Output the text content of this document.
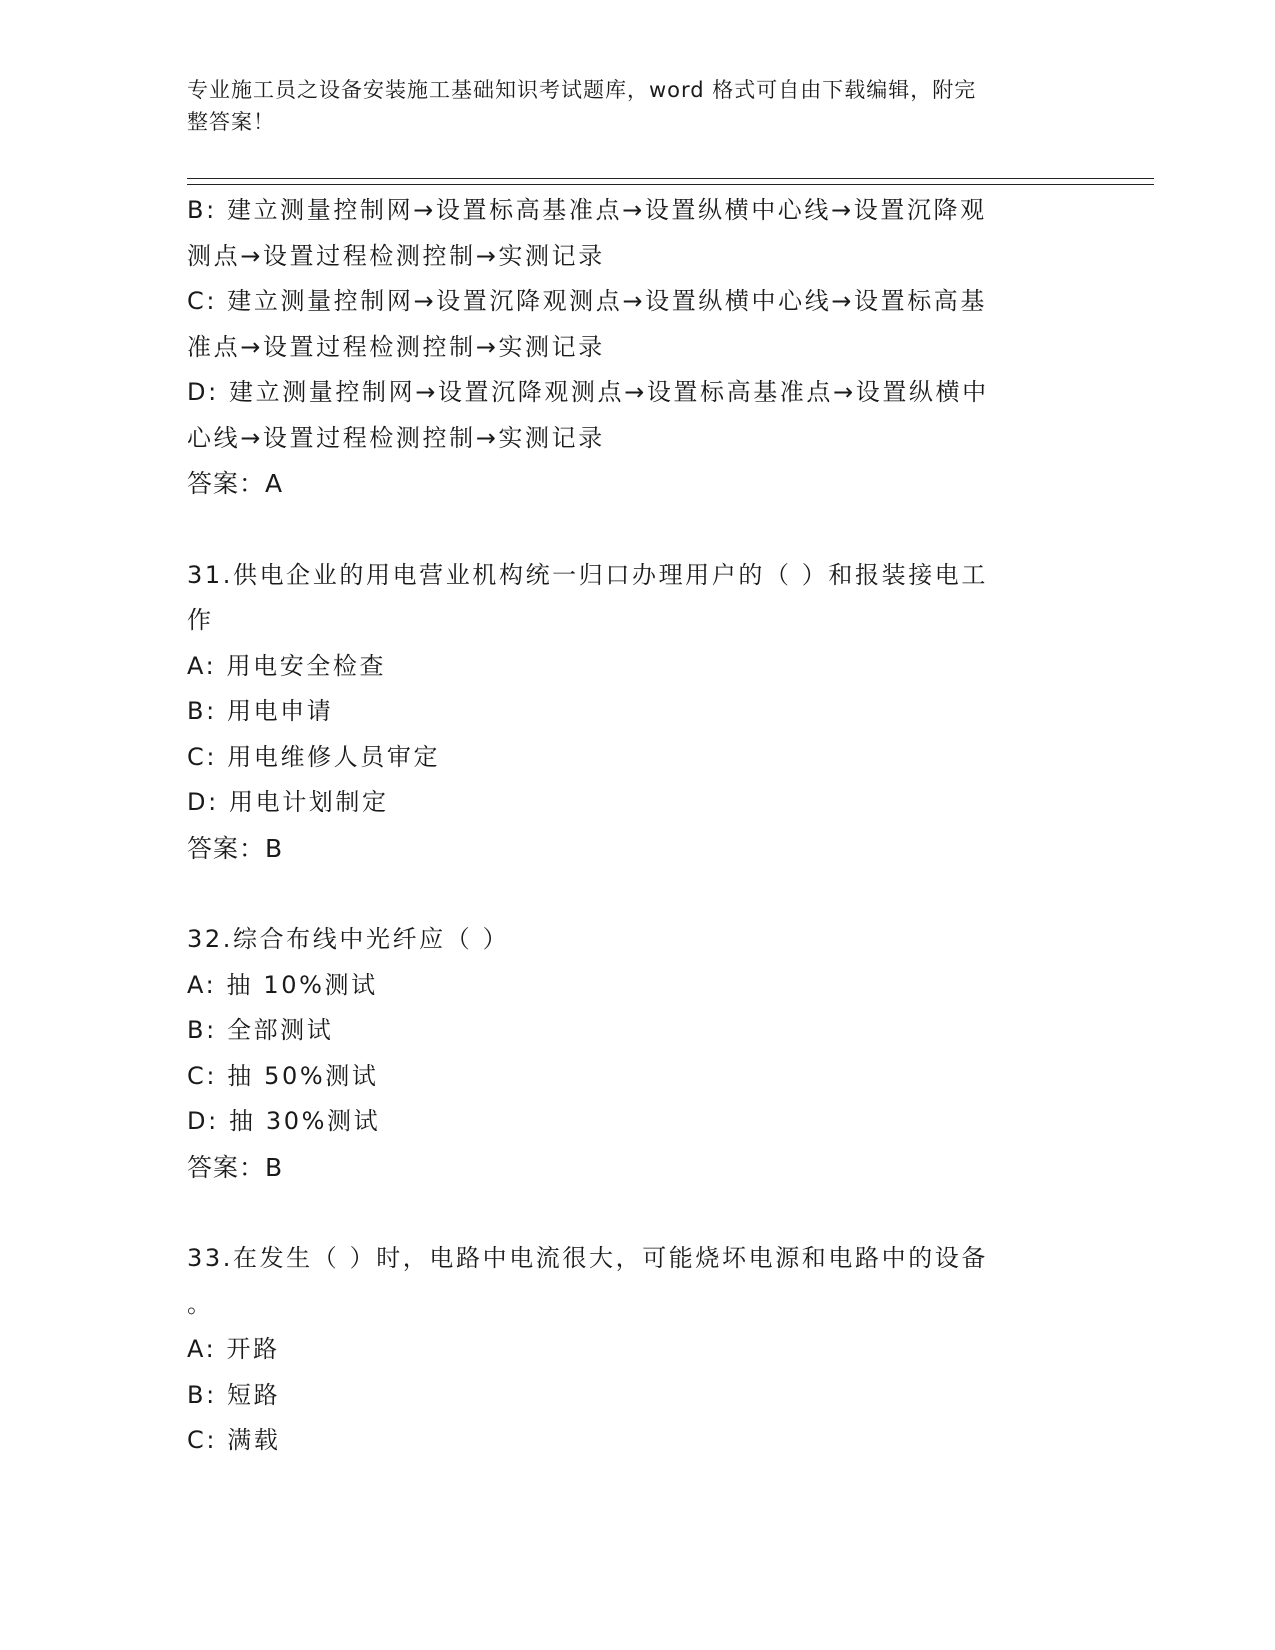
专业施工员之设备安装施工基础知识考试题库，word 格式可自由下载编辑，附完
整答案！
B: 建立测量控制网→设置标高基准点→设置纵横中心线→设置沉降观
测点→设置过程检测控制→实测记录
C: 建立测量控制网→设置沉降观测点→设置纵横中心线→设置标高基
准点→设置过程检测控制→实测记录
D: 建立测量控制网→设置沉降观测点→设置标高基准点→设置纵横中
心线→设置过程检测控制→实测记录
答案：A
31.供电企业的用电营业机构统一归口办理用户的（ ）和报装接电工
作
A: 用电安全检查
B: 用电申请
C: 用电维修人员审定
D: 用电计划制定
答案：B
32.综合布线中光纤应（ ）
A: 抽 10%测试
B: 全部测试
C: 抽 50%测试
D: 抽 30%测试
答案：B
33.在发生（ ）时，电路中电流很大，可能烧坏电源和电路中的设备
。
A: 开路
B: 短路
C: 满载
